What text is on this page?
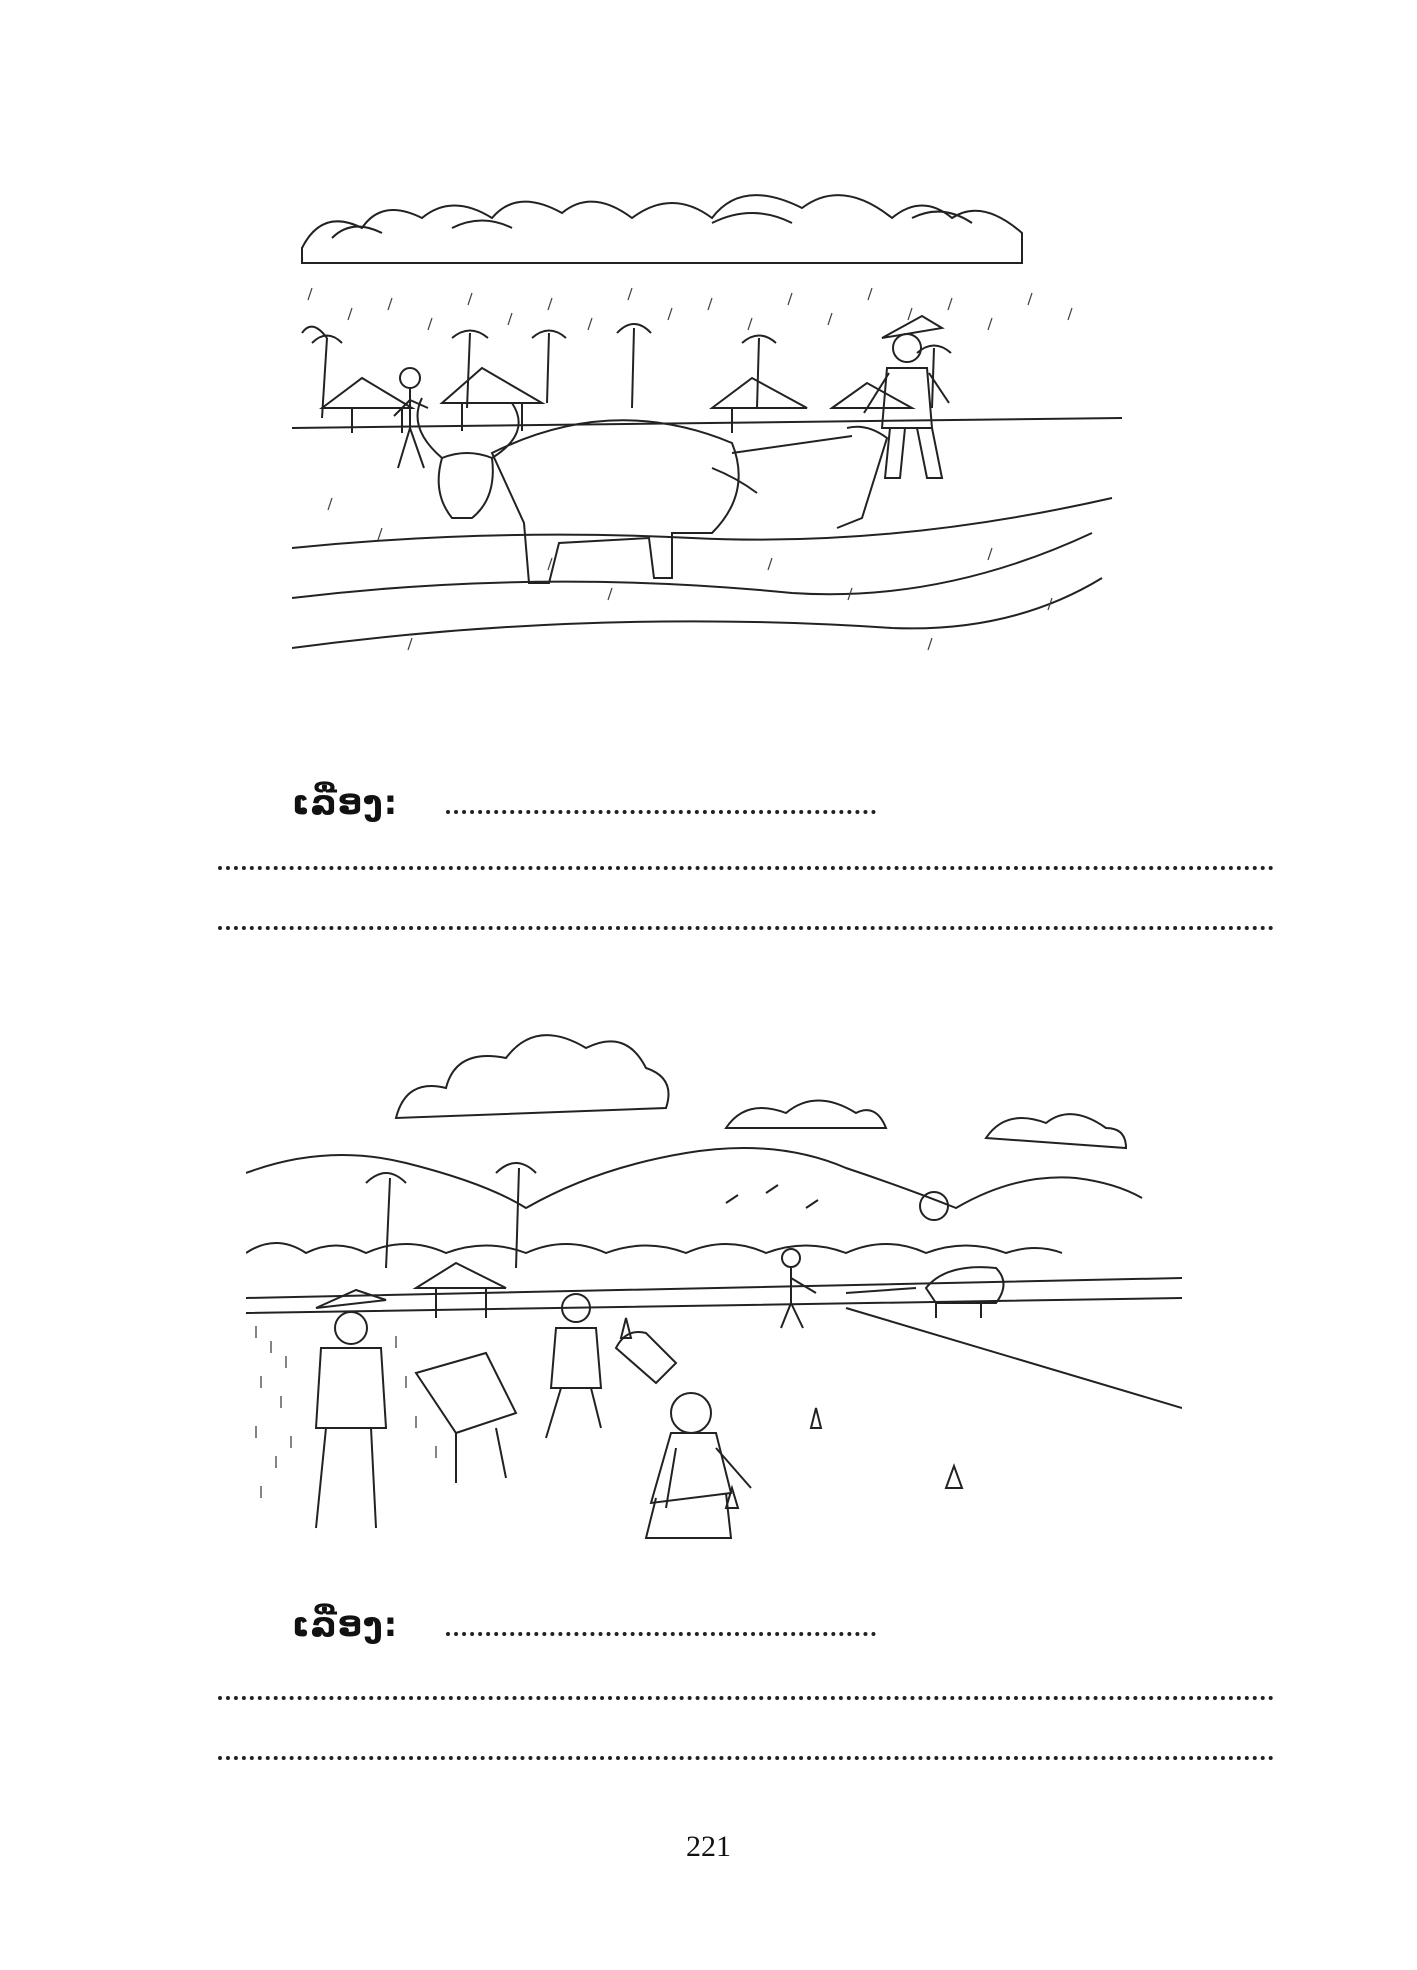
ເລື່ອງ:
ເລື່ອງ:
221
